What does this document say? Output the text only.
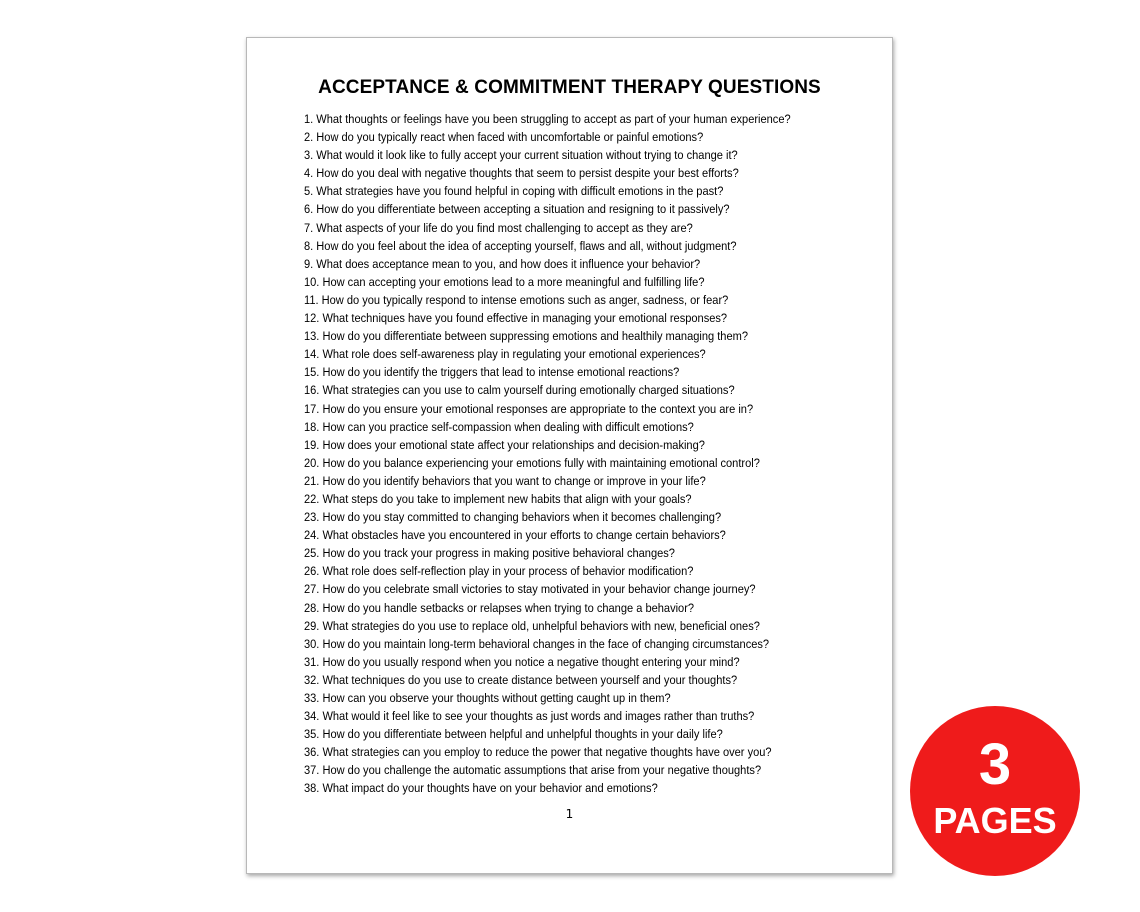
ACCEPTANCE & COMMITMENT THERAPY QUESTIONS
1. What thoughts or feelings have you been struggling to accept as part of your human experience?
2. How do you typically react when faced with uncomfortable or painful emotions?
3. What would it look like to fully accept your current situation without trying to change it?
4. How do you deal with negative thoughts that seem to persist despite your best efforts?
5. What strategies have you found helpful in coping with difficult emotions in the past?
6. How do you differentiate between accepting a situation and resigning to it passively?
7. What aspects of your life do you find most challenging to accept as they are?
8. How do you feel about the idea of accepting yourself, flaws and all, without judgment?
9. What does acceptance mean to you, and how does it influence your behavior?
10. How can accepting your emotions lead to a more meaningful and fulfilling life?
11. How do you typically respond to intense emotions such as anger, sadness, or fear?
12. What techniques have you found effective in managing your emotional responses?
13. How do you differentiate between suppressing emotions and healthily managing them?
14. What role does self-awareness play in regulating your emotional experiences?
15. How do you identify the triggers that lead to intense emotional reactions?
16. What strategies can you use to calm yourself during emotionally charged situations?
17. How do you ensure your emotional responses are appropriate to the context you are in?
18. How can you practice self-compassion when dealing with difficult emotions?
19. How does your emotional state affect your relationships and decision-making?
20. How do you balance experiencing your emotions fully with maintaining emotional control?
21. How do you identify behaviors that you want to change or improve in your life?
22. What steps do you take to implement new habits that align with your goals?
23. How do you stay committed to changing behaviors when it becomes challenging?
24. What obstacles have you encountered in your efforts to change certain behaviors?
25. How do you track your progress in making positive behavioral changes?
26. What role does self-reflection play in your process of behavior modification?
27. How do you celebrate small victories to stay motivated in your behavior change journey?
28. How do you handle setbacks or relapses when trying to change a behavior?
29. What strategies do you use to replace old, unhelpful behaviors with new, beneficial ones?
30. How do you maintain long-term behavioral changes in the face of changing circumstances?
31. How do you usually respond when you notice a negative thought entering your mind?
32. What techniques do you use to create distance between yourself and your thoughts?
33. How can you observe your thoughts without getting caught up in them?
34. What would it feel like to see your thoughts as just words and images rather than truths?
35. How do you differentiate between helpful and unhelpful thoughts in your daily life?
36. What strategies can you employ to reduce the power that negative thoughts have over you?
37. How do you challenge the automatic assumptions that arise from your negative thoughts?
38. What impact do your thoughts have on your behavior and emotions?
1
3
PAGES
